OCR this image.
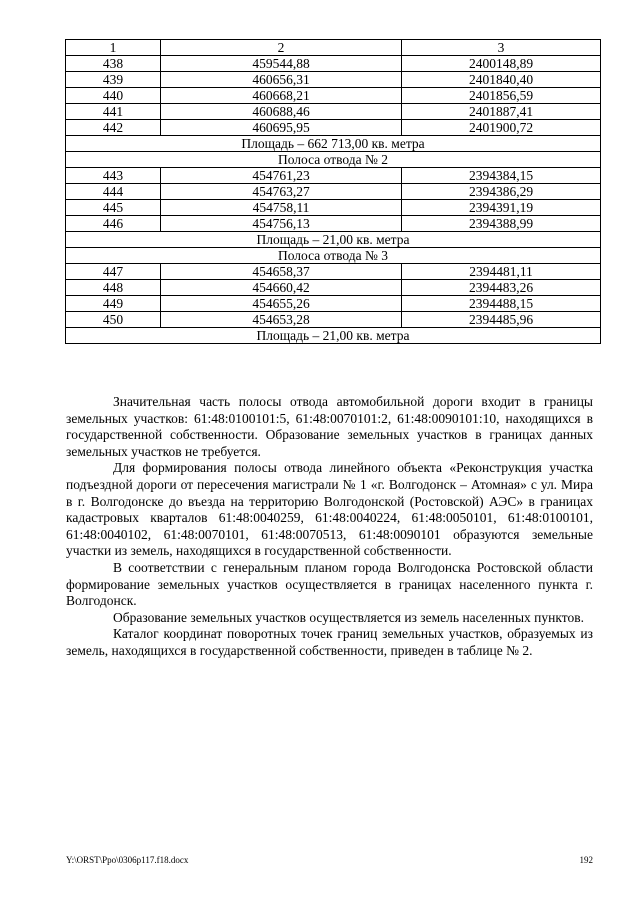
1	2	3
438	459544,88	2400148,89
439	460656,31	2401840,40
440	460668,21	2401856,59
441	460688,46	2401887,41
442	460695,95	2401900,72
Площадь – 662 713,00 кв. метра		
Полоса отвода № 2		
443	454761,23	2394384,15
444	454763,27	2394386,29
445	454758,11	2394391,19
446	454756,13	2394388,99
Площадь – 21,00 кв. метра		
Полоса отвода № 3		
447	454658,37	2394481,11
448	454660,42	2394483,26
449	454655,26	2394488,15
450	454653,28	2394485,96
Площадь – 21,00 кв. метра		

Значительная часть полосы отвода автомобильной дороги входит в границы земельных участков: 61:48:0100101:5, 61:48:0070101:2, 61:48:0090101:10, находящихся в государственной собственности. Образование земельных участков в границах данных земельных участков не требуется.

Для формирования полосы отвода линейного объекта «Реконструкция участка подъездной дороги от пересечения магистрали № 1 «г. Волгодонск – Атомная» с ул. Мира в г. Волгодонске до въезда на территорию Волгодонской (Ростовской) АЭС» в границах кадастровых кварталов 61:48:0040259, 61:48:0040224, 61:48:0050101, 61:48:0100101, 61:48:0040102, 61:48:0070101, 61:48:0070513, 61:48:0090101 образуются земельные участки из земель, находящихся в государственной собственности.

В соответствии с генеральным планом города Волгодонска Ростовской области формирование земельных участков осуществляется в границах населенного пункта г. Волгодонск.

Образование земельных участков осуществляется из земель населенных пунктов.

Каталог координат поворотных точек границ земельных участков, образуемых из земель, находящихся в государственной собственности, приведен в таблице № 2.

Y:\ORST\Ppo\0306p117.f18.docx	192
